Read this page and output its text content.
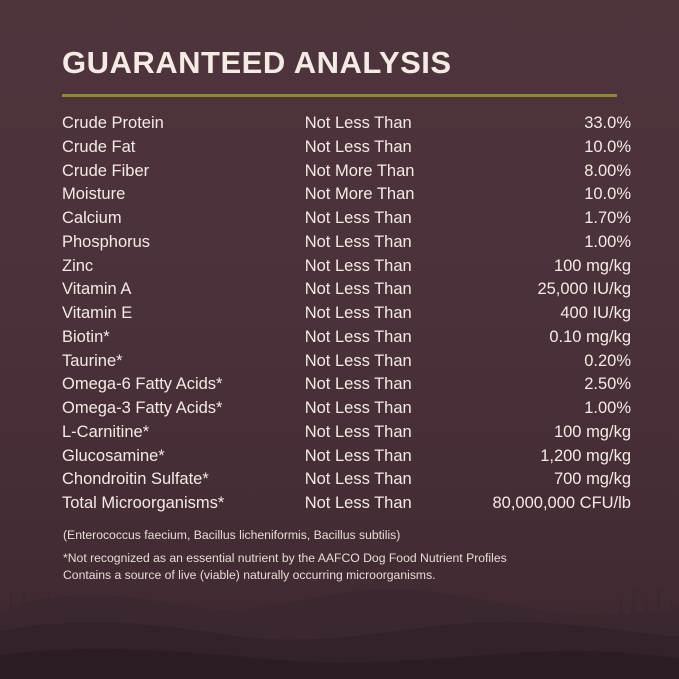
GUARANTEED ANALYSIS
Crude Protein	Not Less Than	33.0%
Crude Fat	Not Less Than	10.0%
Crude Fiber	Not More Than	8.00%
Moisture	Not More Than	10.0%
Calcium	Not Less Than	1.70%
Phosphorus	Not Less Than	1.00%
Zinc	Not Less Than	100 mg/kg
Vitamin A	Not Less Than	25,000 IU/kg
Vitamin E	Not Less Than	400 IU/kg
Biotin*	Not Less Than	0.10 mg/kg
Taurine*	Not Less Than	0.20%
Omega-6 Fatty Acids*	Not Less Than	2.50%
Omega-3 Fatty Acids*	Not Less Than	1.00%
L-Carnitine*	Not Less Than	100 mg/kg
Glucosamine*	Not Less Than	1,200 mg/kg
Chondroitin Sulfate*	Not Less Than	700 mg/kg
Total Microorganisms*	Not Less Than	80,000,000 CFU/lb
(Enterococcus faecium, Bacillus licheniformis, Bacillus subtilis)
*Not recognized as an essential nutrient by the AAFCO Dog Food Nutrient Profiles
Contains a source of live (viable) naturally occurring microorganisms.
